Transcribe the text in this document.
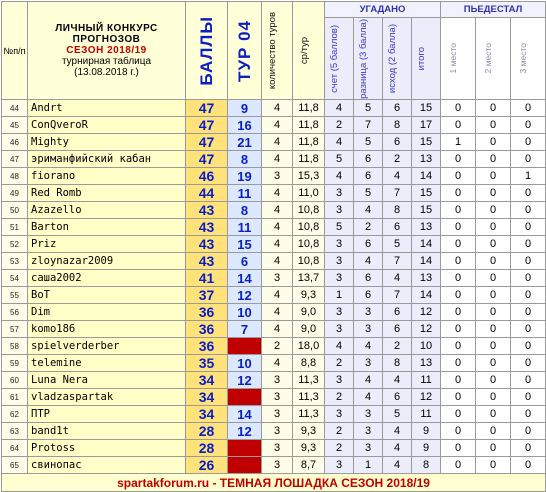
№п/п	ЛИЧНЫЙ КОНКУРС
ПРОГНОЗОВ
СЕЗОН 2018/19
турнирная таблица
(13.08.2018 г.)	БАЛЛЫ	ТУР 04	количество туров	ср/тур	УГАДАНО				ПЬЕДЕСТАЛ		

						счет (5 баллов)	разница (3 балла)	исход (2 балла)	итого	1 место	2 место	3 место

44	Andrt	47	9	4	11,8	4	5	6	15	0	0	0
45	ConQveroR	47	16	4	11,8	2	7	8	17	0	0	0
46	Mighty	47	21	4	11,8	4	5	6	15	1	0	0
47	эриманфийский кабан	47	8	4	11,8	5	6	2	13	0	0	0
48	fiorano	46	19	3	15,3	4	6	4	14	0	0	1
49	Red Romb	44	11	4	11,0	3	5	7	15	0	0	0
50	Azazello	43	8	4	10,8	3	4	8	15	0	0	0
51	Barton	43	11	4	10,8	5	2	6	13	0	0	0
52	Priz	43	15	4	10,8	3	6	5	14	0	0	0
53	zloynazar2009	43	6	4	10,8	3	4	7	14	0	0	0
54	саша2002	41	14	3	13,7	3	6	4	13	0	0	0
55	BoT	37	12	4	9,3	1	6	7	14	0	0	0
56	Dim	36	10	4	9,0	3	3	6	12	0	0	0
57	komo186	36	7	4	9,0	3	3	6	12	0	0	0
58	spielverderber	36		2	18,0	4	4	2	10	0	0	0
59	telemine	35	10	4	8,8	2	3	8	13	0	0	0
60	Luna Nera	34	12	3	11,3	3	4	4	11	0	0	0
61	vladzaspartak	34		3	11,3	2	4	6	12	0	0	0
62	ПТР	34	14	3	11,3	3	3	5	11	0	0	0
63	band1t	28	12	3	9,3	2	3	4	9	0	0	0
64	Protoss	28		3	9,3	2	3	4	9	0	0	0
65	свинопас	26		3	8,7	3	1	4	8	0	0	0
spartakforum.ru - ТЕМНАЯ ЛОШАДКА СЕЗОН 2018/19												
